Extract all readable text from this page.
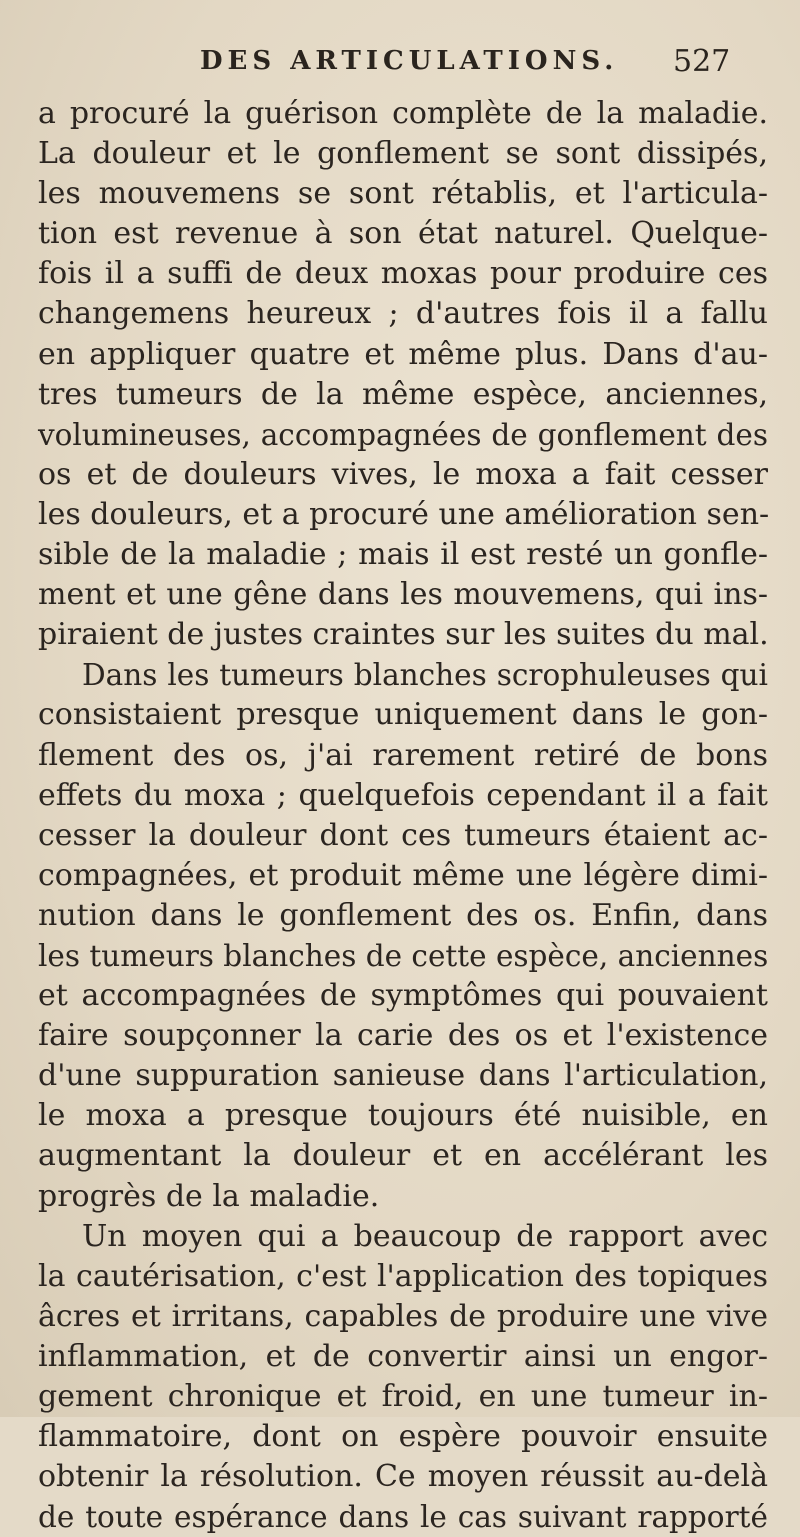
DES ARTICULATIONS. 527
a procuré la guérison complète de la maladie.
La douleur et le gonflement se sont dissipés,
les mouvemens se sont rétablis, et l'articula-
tion est revenue à son état naturel. Quelque-
fois il a suffi de deux moxas pour produire ces
changemens heureux ; d'autres fois il a fallu
en appliquer quatre et même plus. Dans d'au-
tres tumeurs de la même espèce, anciennes,
volumineuses, accompagnées de gonflement des
os et de douleurs vives, le moxa a fait cesser
les douleurs, et a procuré une amélioration sen-
sible de la maladie ; mais il est resté un gonfle-
ment et une gêne dans les mouvemens, qui ins-
piraient de justes craintes sur les suites du mal.
Dans les tumeurs blanches scrophuleuses qui
consistaient presque uniquement dans le gon-
flement des os, j'ai rarement retiré de bons
effets du moxa ; quelquefois cependant il a fait
cesser la douleur dont ces tumeurs étaient ac-
compagnées, et produit même une légère dimi-
nution dans le gonflement des os. Enfin, dans
les tumeurs blanches de cette espèce, anciennes
et accompagnées de symptômes qui pouvaient
faire soupçonner la carie des os et l'existence
d'une suppuration sanieuse dans l'articulation,
le moxa a presque toujours été nuisible, en
augmentant la douleur et en accélérant les
progrès de la maladie.
Un moyen qui a beaucoup de rapport avec
la cautérisation, c'est l'application des topiques
âcres et irritans, capables de produire une vive
inflammation, et de convertir ainsi un engor-
gement chronique et froid, en une tumeur in-
flammatoire, dont on espère pouvoir ensuite
obtenir la résolution. Ce moyen réussit au-delà
de toute espérance dans le cas suivant rapporté
